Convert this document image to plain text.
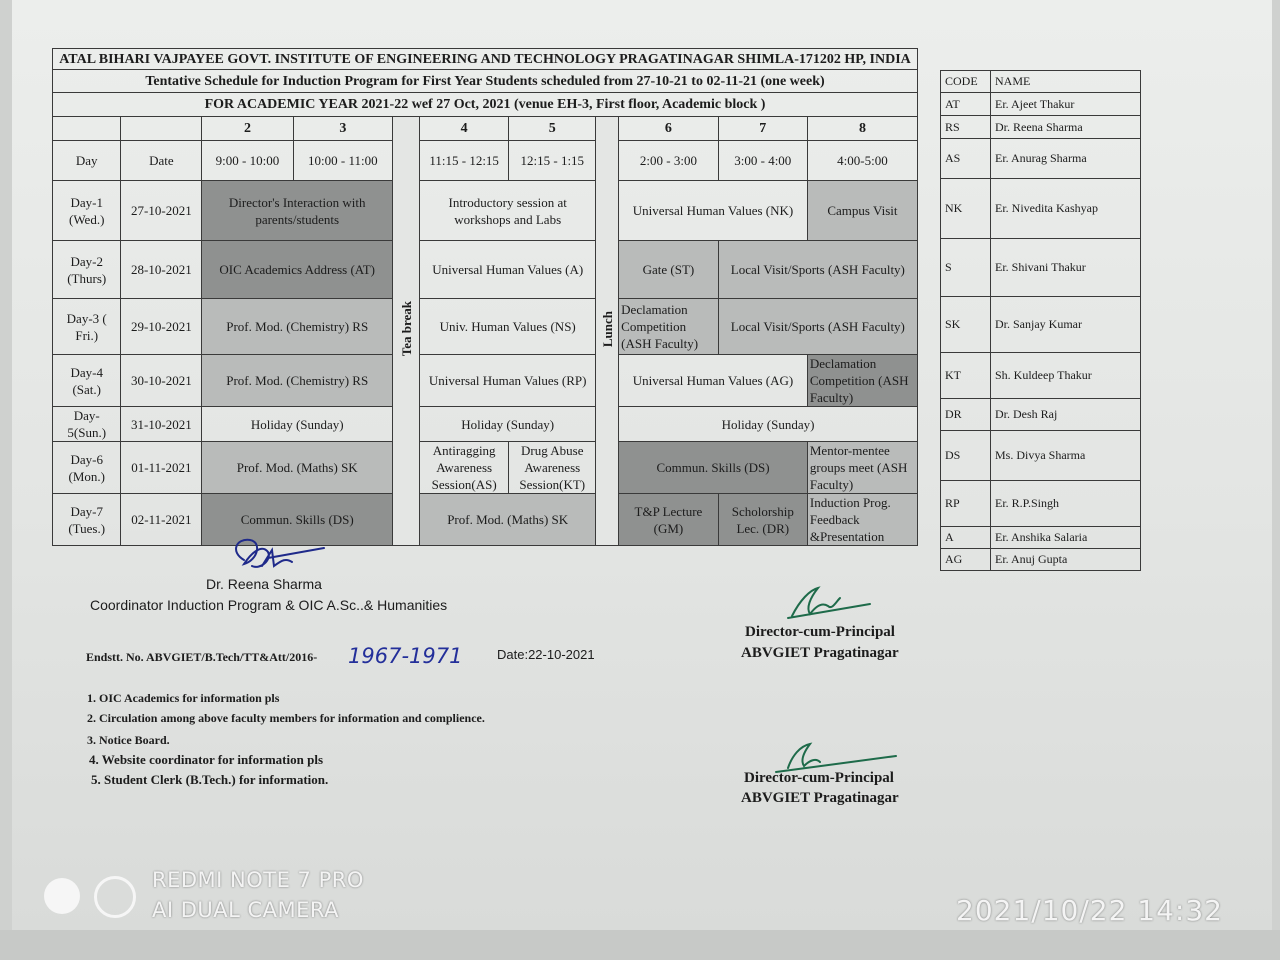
ATAL BIHARI VAJPAYEE GOVT. INSTITUTE OF ENGINEERING AND TECHNOLOGY PRAGATINAGAR SHIMLA-171202 HP, INDIA										
Tentative Schedule for Induction Program for First Year Students scheduled from 27-10-21 to 02-11-21 (one week)										
FOR ACADEMIC YEAR 2021-22 wef 27 Oct, 2021 (venue EH-3, First floor, Academic block )										
		2	3	Tea break	4	5	Lunch	6	7	8
Day	Date	9:00 - 10:00	10:00 - 11:00		11:15 - 12:15	12:15 - 1:15		2:00 - 3:00	3:00 - 4:00	4:00-5:00
Day-1 (Wed.)	27-10-2021	Director's Interaction with parents/students			Introductory session at workshops and Labs			Universal Human Values (NK)		Campus Visit
Day-2 (Thurs)	28-10-2021	OIC Academics Address (AT)			Universal Human Values (A)			Gate (ST)	Local Visit/Sports (ASH Faculty)	
Day-3 ( Fri.)	29-10-2021	Prof. Mod. (Chemistry) RS			Univ. Human Values (NS)			Declamation Competition (ASH Faculty)	Local Visit/Sports (ASH Faculty)	
Day-4 (Sat.)	30-10-2021	Prof. Mod. (Chemistry) RS			Universal Human Values (RP)			Universal Human Values (AG)		Declamation Competition (ASH Faculty)
Day-5(Sun.)	31-10-2021	Holiday (Sunday)			Holiday (Sunday)			Holiday (Sunday)		
Day-6 (Mon.)	01-11-2021	Prof. Mod. (Maths) SK			Antiragging Awareness Session(AS)	Drug Abuse Awareness Session(KT)		Commun. Skills (DS)		Mentor-mentee groups meet (ASH Faculty)
Day-7 (Tues.)	02-11-2021	Commun. Skills (DS)			Prof. Mod. (Maths) SK			T&P Lecture (GM)	Scholorship Lec. (DR)	Induction Prog. Feedback &Presentation
CODE	NAME
AT	Er. Ajeet Thakur
RS	Dr. Reena Sharma
AS	Er. Anurag Sharma
NK	Er. Nivedita Kashyap
S	Er. Shivani Thakur
SK	Dr. Sanjay Kumar
KT	Sh. Kuldeep Thakur
DR	Dr. Desh Raj
DS	Ms. Divya Sharma
RP	Er. R.P.Singh
A	Er. Anshika Salaria
AG	Er. Anuj Gupta
Dr. Reena Sharma
Coordinator Induction Program & OIC A.Sc..& Humanities
Director-cum-Principal
ABVGIET Pragatinagar
Endstt. No. ABVGIET/B.Tech/TT&Att/2016- 1967-1971	Date:22-10-2021
1. OIC Academics for information pls
2. Circulation among above faculty members for information and complience.
3. Notice Board.
4. Website coordinator for information pls
5. Student Clerk (B.Tech.) for information.	Director-cum-Principal
ABVGIET Pragatinagar
REDMI NOTE 7 PRO
AI DUAL CAMERA	2021/10/22 14:32
